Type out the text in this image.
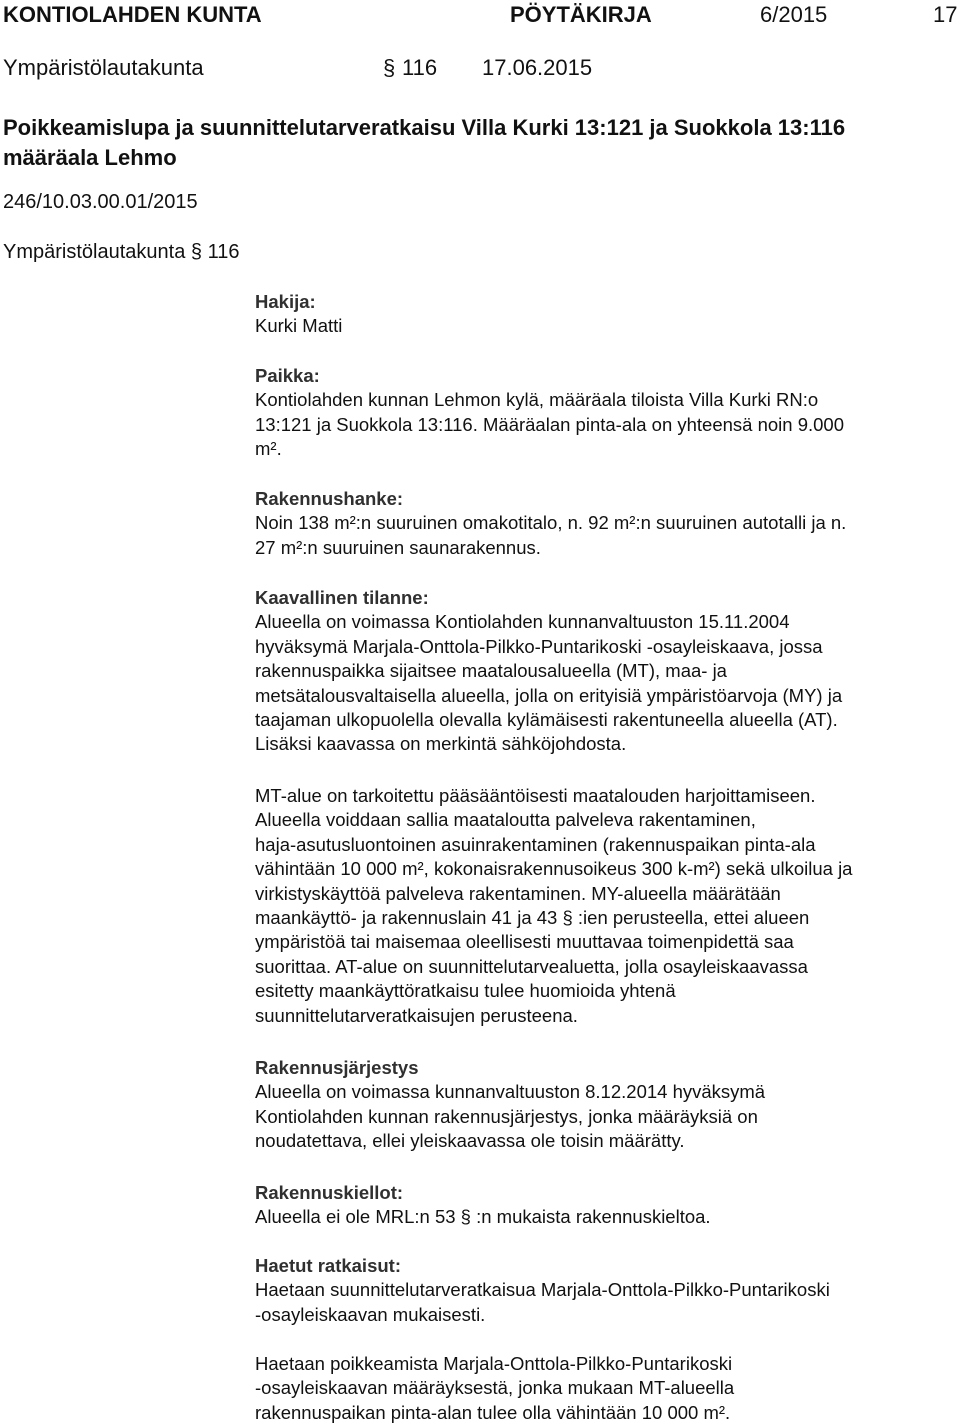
KONTIOLAHDEN KUNTA	PÖYTÄKIRJA	6/2015	17
Ympäristölautakunta	§ 116 17.06.2015
Poikkeamislupa ja suunnittelutarveratkaisu Villa Kurki 13:121 ja Suokkola 13:116
määräala Lehmo
246/10.03.00.01/2015
Ympäristölautakunta § 116
Hakija:
Kurki Matti
Paikka:
Kontiolahden kunnan Lehmon kylä, määräala tiloista Villa Kurki RN:o
13:121 ja Suokkola 13:116. Määräalan pinta-ala on yhteensä noin 9.000
m².
Rakennushanke:
Noin 138 m²:n suuruinen omakotitalo, n. 92 m²:n suuruinen autotalli ja n.
27 m²:n suuruinen saunarakennus.
Kaavallinen tilanne:
Alueella on voimassa Kontiolahden kunnanvaltuuston 15.11.2004
hyväksymä Marjala-Onttola-Pilkko-Puntarikoski -osayleiskaava, jossa
rakennuspaikka sijaitsee maatalousalueella (MT), maa- ja
metsätalousvaltaisella alueella, jolla on erityisiä ympäristöarvoja (MY) ja
taajaman ulkopuolella olevalla kylämäisesti rakentuneella alueella (AT).
Lisäksi kaavassa on merkintä sähköjohdosta.
MT-alue on tarkoitettu pääsääntöisesti maatalouden harjoittamiseen.
Alueella voiddaan sallia maataloutta palveleva rakentaminen,
haja-asutusluontoinen asuinrakentaminen (rakennuspaikan pinta-ala
vähintään 10 000 m², kokonaisrakennusoikeus 300 k-m²) sekä ulkoilua ja
virkistyskäyttöä palveleva rakentaminen. MY-alueella määrätään
maankäyttö- ja rakennuslain 41 ja 43 § :ien perusteella, ettei alueen
ympäristöä tai maisemaa oleellisesti muuttavaa toimenpidettä saa
suorittaa. AT-alue on suunnittelutarvealuetta, jolla osayleiskaavassa
esitetty maankäyttöratkaisu tulee huomioida yhtenä
suunnittelutarveratkaisujen perusteena.
Rakennusjärjestys
Alueella on voimassa kunnanvaltuuston 8.12.2014 hyväksymä
Kontiolahden kunnan rakennusjärjestys, jonka määräyksiä on
noudatettava, ellei yleiskaavassa ole toisin määrätty.
Rakennuskiellot:
Alueella ei ole MRL:n 53 § :n mukaista rakennuskieltoa.
Haetut ratkaisut:
Haetaan suunnittelutarveratkaisua Marjala-Onttola-Pilkko-Puntarikoski
-osayleiskaavan mukaisesti.
Haetaan poikkeamista Marjala-Onttola-Pilkko-Puntarikoski
-osayleiskaavan määräyksestä, jonka mukaan MT-alueella
rakennuspaikan pinta-alan tulee olla vähintään 10 000 m².
